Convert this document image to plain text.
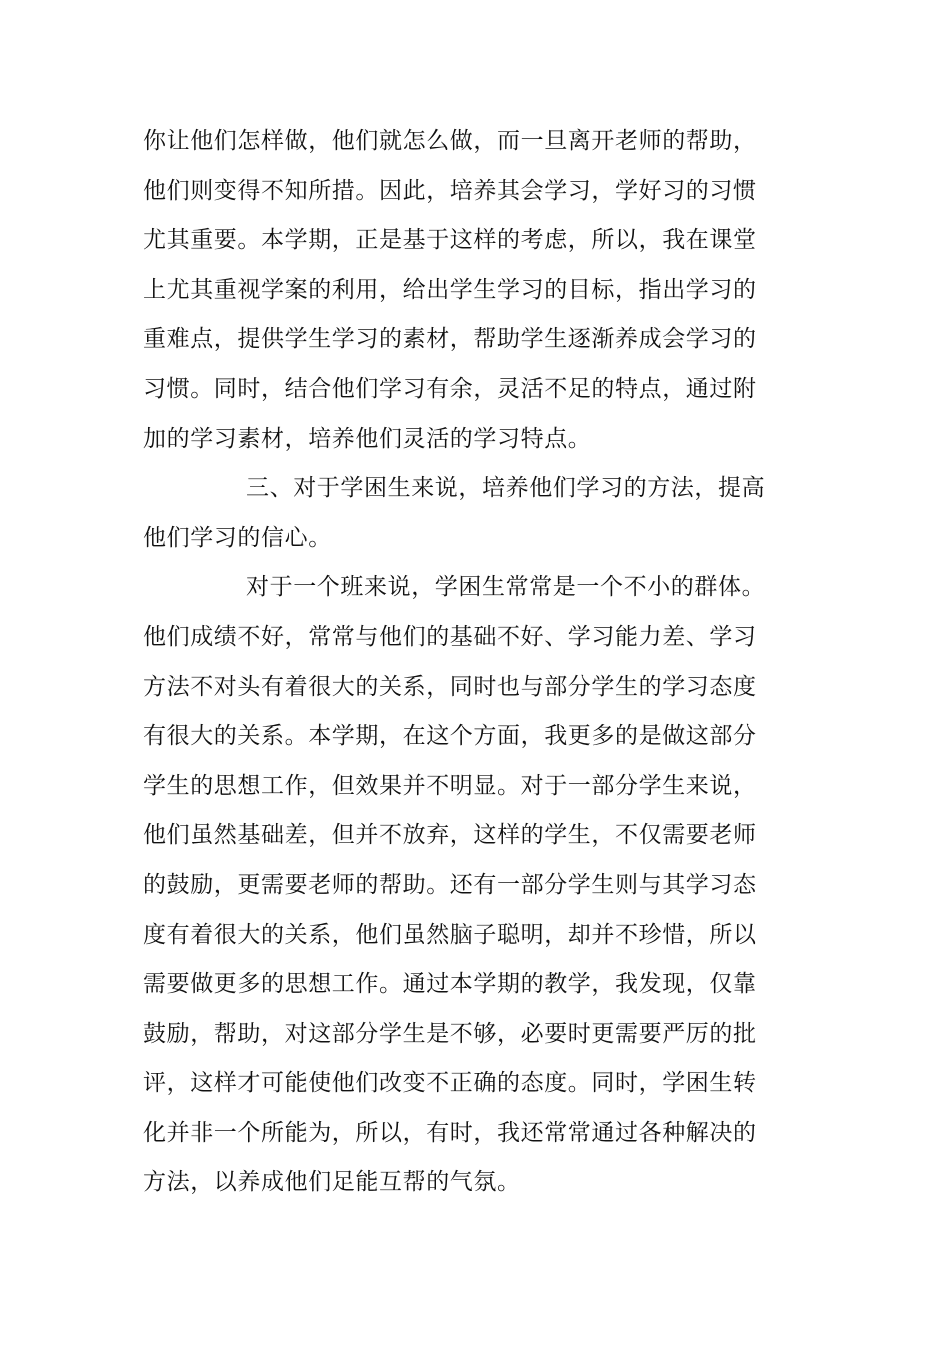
你让他们怎样做，他们就怎么做，而一旦离开老师的帮助，
他们则变得不知所措。因此，培养其会学习，学好习的习惯
尤其重要。本学期，正是基于这样的考虑，所以，我在课堂
上尤其重视学案的利用，给出学生学习的目标，指出学习的
重难点，提供学生学习的素材，帮助学生逐渐养成会学习的
习惯。同时，结合他们学习有余，灵活不足的特点，通过附
加的学习素材，培养他们灵活的学习特点。
三、对于学困生来说，培养他们学习的方法，提高
他们学习的信心。
对于一个班来说，学困生常常是一个不小的群体。
他们成绩不好，常常与他们的基础不好、学习能力差、学习
方法不对头有着很大的关系，同时也与部分学生的学习态度
有很大的关系。本学期，在这个方面，我更多的是做这部分
学生的思想工作，但效果并不明显。对于一部分学生来说，
他们虽然基础差，但并不放弃，这样的学生，不仅需要老师
的鼓励，更需要老师的帮助。还有一部分学生则与其学习态
度有着很大的关系，他们虽然脑子聪明，却并不珍惜，所以
需要做更多的思想工作。通过本学期的教学，我发现，仅靠
鼓励，帮助，对这部分学生是不够，必要时更需要严厉的批
评，这样才可能使他们改变不正确的态度。同时，学困生转
化并非一个所能为，所以，有时，我还常常通过各种解决的
方法，以养成他们足能互帮的气氛。
